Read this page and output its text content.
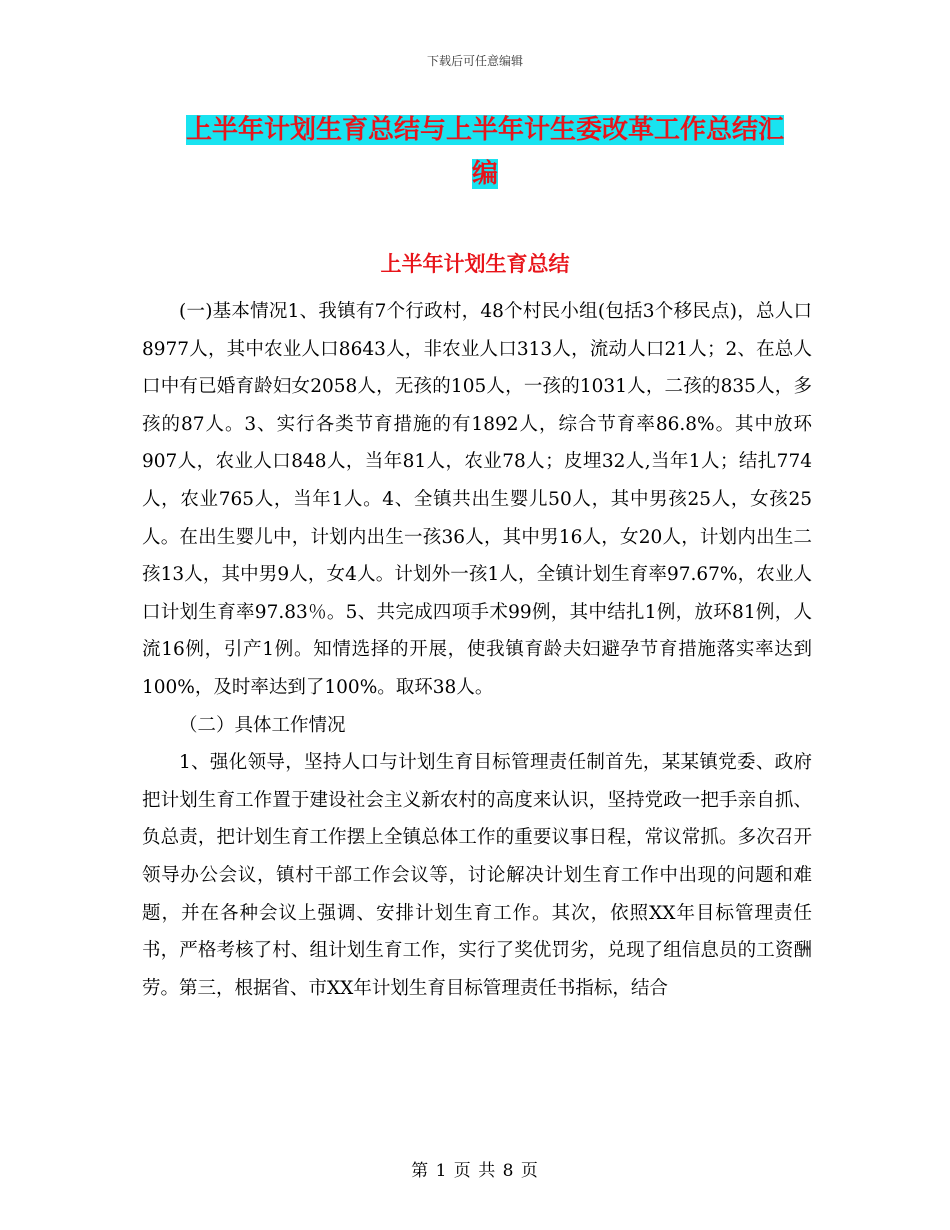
下载后可任意编辑
上半年计划生育总结与上半年计生委改革工作总结汇
编
上半年计划生育总结

(一)基本情况1、我镇有7个行政村，48个村民小组(包括3个移民点)，总人口8977人，其中农业人口8643人，非农业人口313人，流动人口21人；2、在总人口中有已婚育龄妇女2058人，无孩的105人，一孩的1031人，二孩的835人，多孩的87人。3、实行各类节育措施的有1892人，综合节育率86.8%。其中放环907人，农业人口848人，当年81人，农业78人；皮埋32人,当年1人；结扎774人，农业765人，当年1人。4、全镇共出生婴儿50人，其中男孩25人，女孩25人。在出生婴儿中，计划内出生一孩36人，其中男16人，女20人，计划内出生二孩13人，其中男9人，女4人。计划外一孩1人，全镇计划生育率97.67%，农业人口计划生育率97.83％。5、共完成四项手术99例，其中结扎1例，放环81例，人流16例，引产1例。知情选择的开展，使我镇育龄夫妇避孕节育措施落实率达到100%，及时率达到了100%。取环38人。

（二）具体工作情况

1、强化领导，坚持人口与计划生育目标管理责任制首先，某某镇党委、政府把计划生育工作置于建设社会主义新农村的高度来认识，坚持党政一把手亲自抓、负总责，把计划生育工作摆上全镇总体工作的重要议事日程，常议常抓。多次召开领导办公会议，镇村干部工作会议等，讨论解决计划生育工作中出现的问题和难题，并在各种会议上强调、安排计划生育工作。其次，依照XX年目标管理责任书，严格考核了村、组计划生育工作，实行了奖优罚劣，兑现了组信息员的工资酬劳。第三，根据省、市XX年计划生育目标管理责任书指标，结合

第 1 页 共 8 页
